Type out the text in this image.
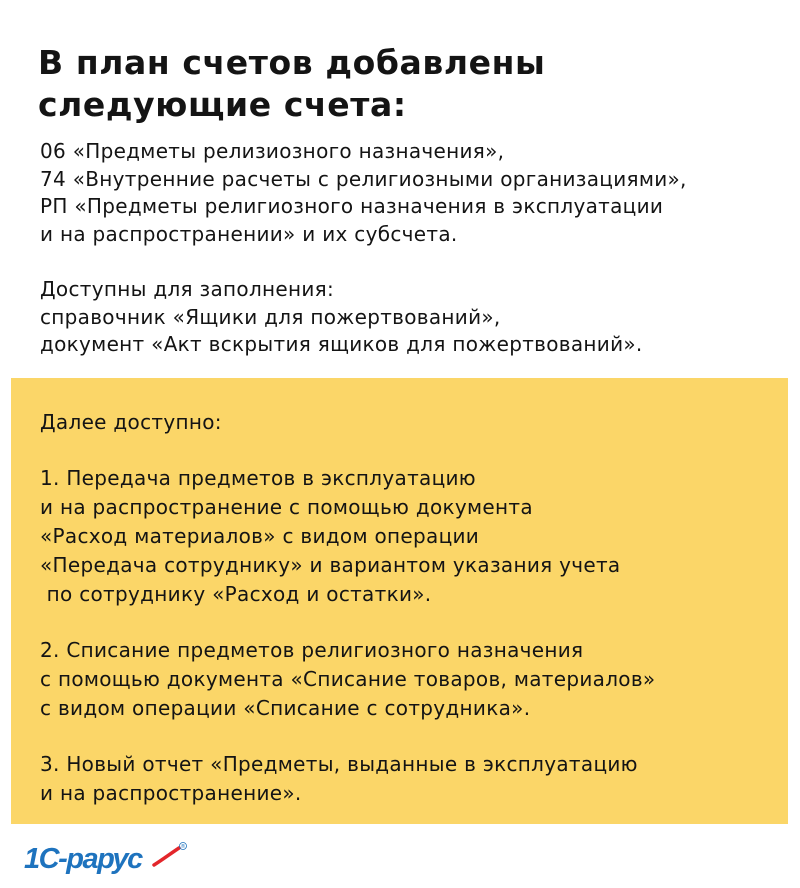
В план счетов добавлены
следующие счета:
06 «Предметы релизиозного назначения»,
74 «Внутренние расчеты с религиозными организациями»,
РП «Предметы религиозного назначения в эксплуатации
и на распространении» и их субсчета.
Доступны для заполнения:
справочник «Ящики для пожертвований»,
документ «Акт вскрытия ящиков для пожертвований».
Далее доступно:
1. Передача предметов в эксплуатацию
и на распространение с помощью документа
«Расход материалов» с видом операции
«Передача сотруднику» и вариантом указания учета
по сотруднику «Расход и остатки».
2. Списание предметов религиозного назначения
с помощью документа «Списание товаров, материалов»
с видом операции «Списание с сотрудника».
3. Новый отчет «Предметы, выданные в эксплуатацию
и на распространение».
1С-рарус	®
